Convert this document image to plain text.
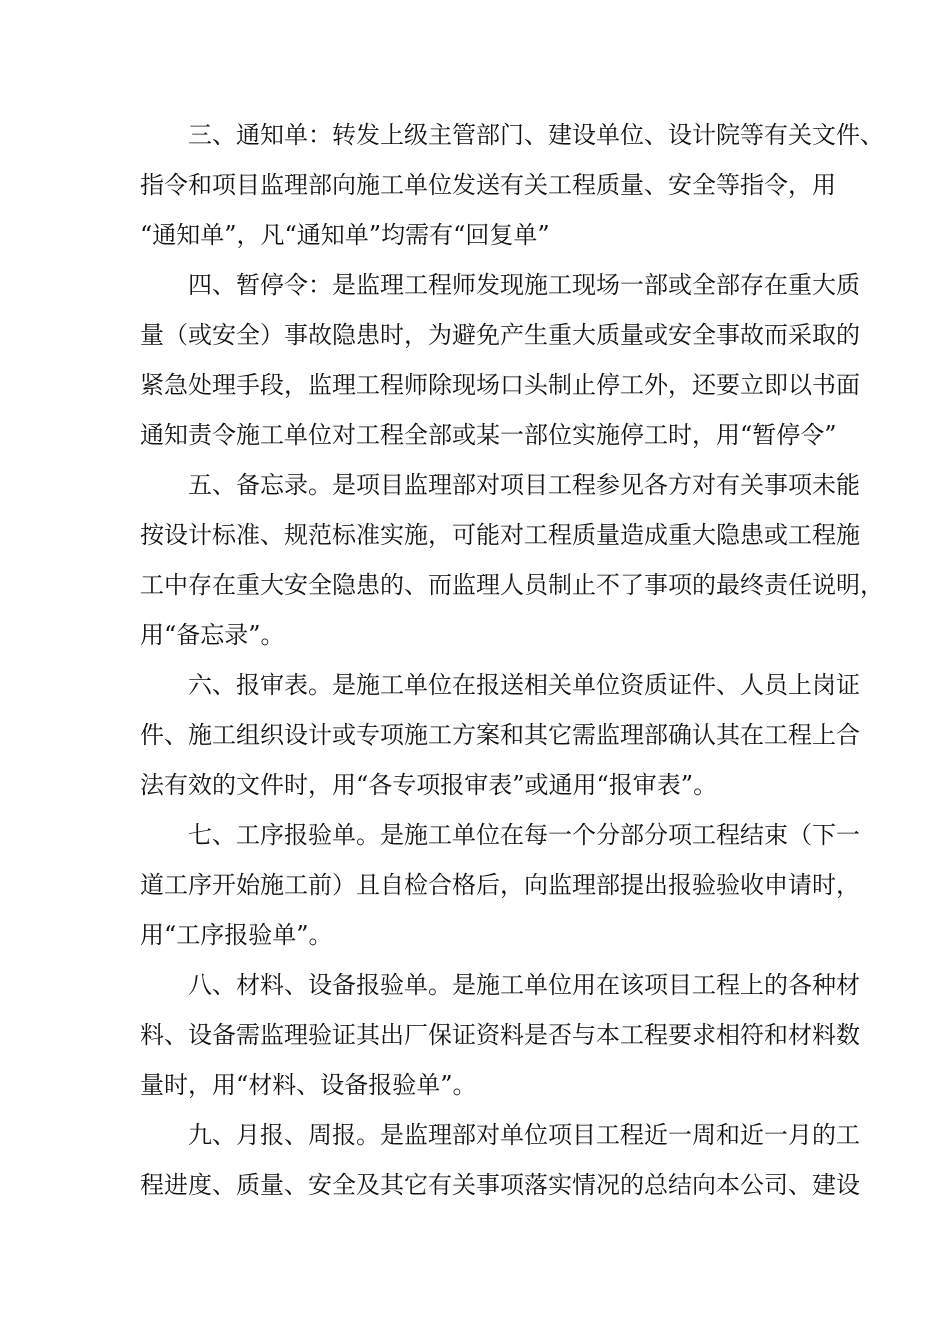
三、通知单：转发上级主管部门、建设单位、设计院等有关文件、
指令和项目监理部向施工单位发送有关工程质量、安全等指令，用
“通知单”，凡“通知单”均需有“回复单”
四、暂停令：是监理工程师发现施工现场一部或全部存在重大质
量（或安全）事故隐患时，为避免产生重大质量或安全事故而采取的
紧急处理手段，监理工程师除现场口头制止停工外，还要立即以书面
通知责令施工单位对工程全部或某一部位实施停工时，用“暂停令”
五、备忘录。是项目监理部对项目工程参见各方对有关事项未能
按设计标准、规范标准实施，可能对工程质量造成重大隐患或工程施
工中存在重大安全隐患的、而监理人员制止不了事项的最终责任说明，
用“备忘录”。
六、报审表。是施工单位在报送相关单位资质证件、人员上岗证
件、施工组织设计或专项施工方案和其它需监理部确认其在工程上合
法有效的文件时，用“各专项报审表”或通用“报审表”。
七、工序报验单。是施工单位在每一个分部分项工程结束（下一
道工序开始施工前）且自检合格后，向监理部提出报验验收申请时，
用“工序报验单”。
八、材料、设备报验单。是施工单位用在该项目工程上的各种材
料、设备需监理验证其出厂保证资料是否与本工程要求相符和材料数
量时，用“材料、设备报验单”。
九、月报、周报。是监理部对单位项目工程近一周和近一月的工
程进度、质量、安全及其它有关事项落实情况的总结向本公司、建设
